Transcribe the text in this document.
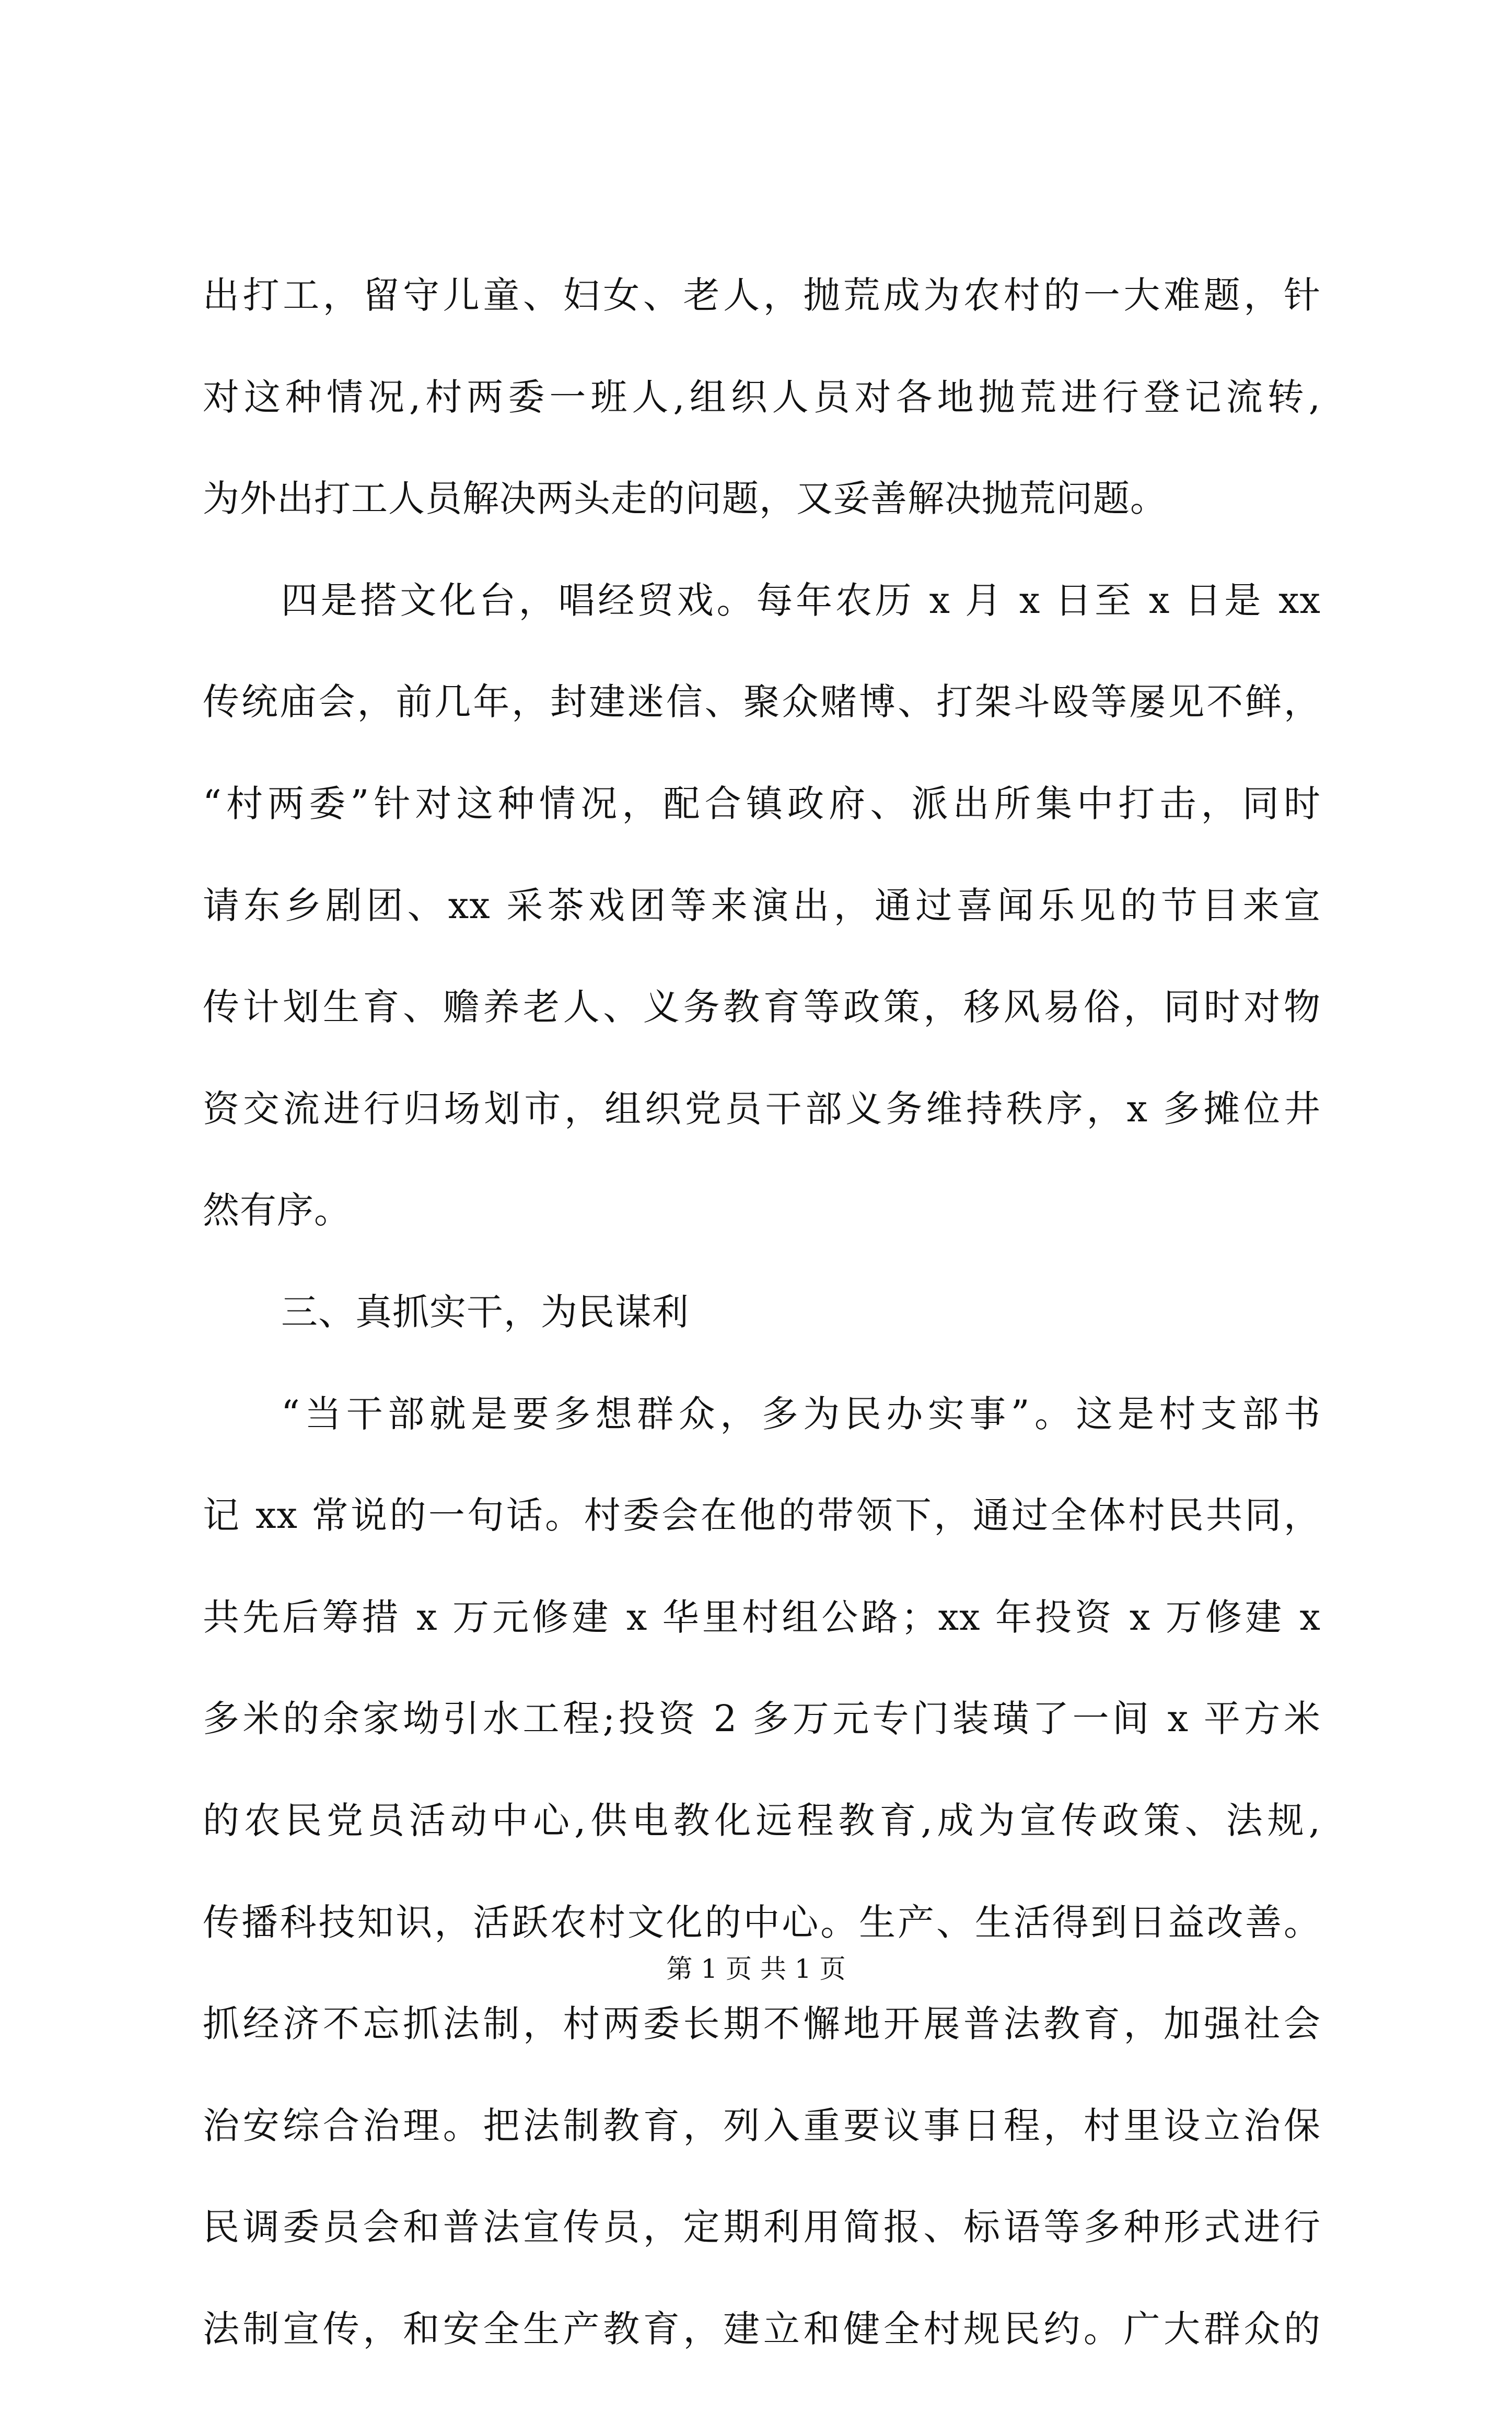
出打工，留守儿童、妇女、老人，抛荒成为农村的一大难题，针
对这种情况,村两委一班人,组织人员对各地抛荒进行登记流转,
为外出打工人员解决两头走的问题，又妥善解决抛荒问题。
四是搭文化台，唱经贸戏。每年农历 x 月 x 日至 x 日是 xx
传统庙会，前几年，封建迷信、聚众赌博、打架斗殴等屡见不鲜，
“村两委”针对这种情况，配合镇政府、派出所集中打击，同时
请东乡剧团、xx 采茶戏团等来演出，通过喜闻乐见的节目来宣
传计划生育、赡养老人、义务教育等政策，移风易俗，同时对物
资交流进行归场划市，组织党员干部义务维持秩序，x 多摊位井
然有序。
三、真抓实干，为民谋利
“当干部就是要多想群众，多为民办实事”。这是村支部书
记 xx 常说的一句话。村委会在他的带领下，通过全体村民共同，
共先后筹措 x 万元修建 x 华里村组公路；xx 年投资 x 万修建 x
多米的余家坳引水工程;投资 2 多万元专门装璜了一间 x 平方米
的农民党员活动中心,供电教化远程教育,成为宣传政策、法规,
传播科技知识，活跃农村文化的中心。生产、生活得到日益改善。
抓经济不忘抓法制，村两委长期不懈地开展普法教育，加强社会
治安综合治理。把法制教育，列入重要议事日程，村里设立治保
民调委员会和普法宣传员，定期利用简报、标语等多种形式进行
法制宣传，和安全生产教育，建立和健全村规民约。广大群众的
第 1 页 共 1 页
